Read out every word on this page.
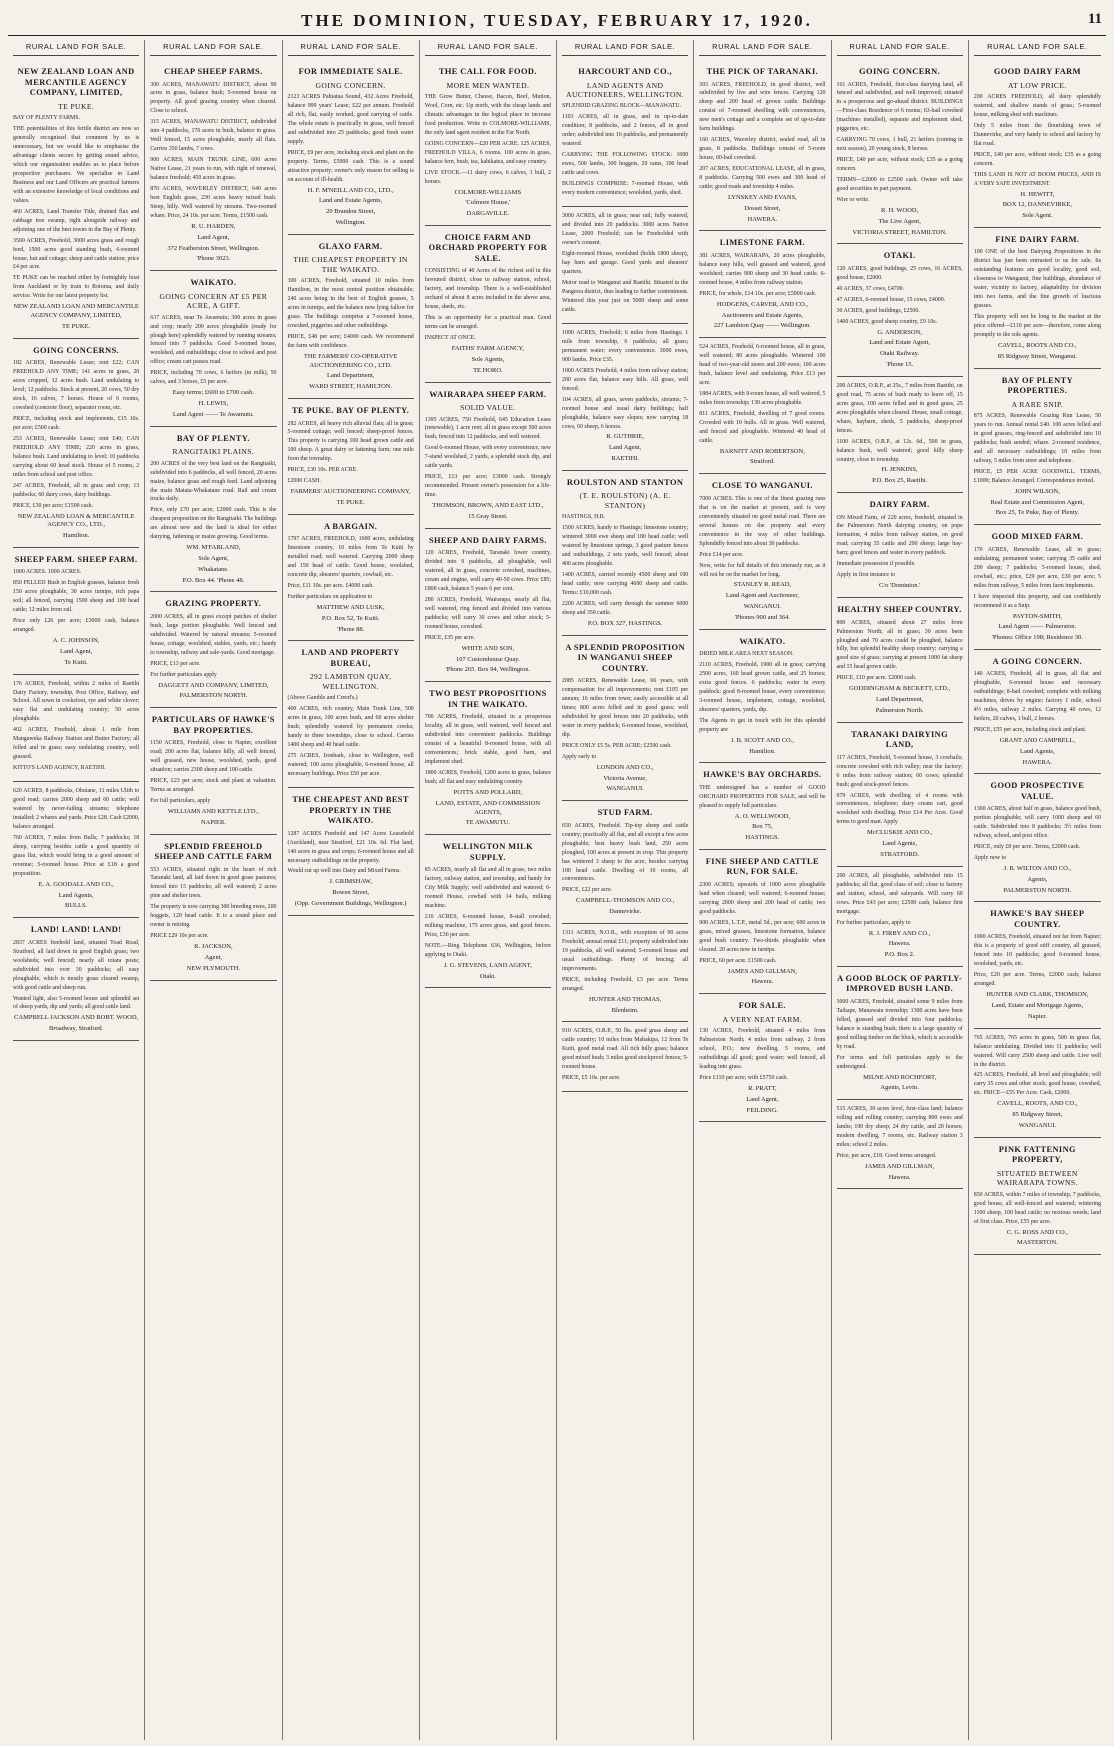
THE DOMINION, TUESDAY, FEBRUARY 17, 1920.	11
RURAL LAND FOR SALE.
NEW ZEALAND LOAN AND MERCANTILE AGENCY COMPANY, LIMITED,
TE PUKE.

BAY OF PLENTY FARMS.

THE potentialities of this fertile district are now so generally recognised that comment by us is unnecessary, but we would like to emphasise the advantage clients secure by getting sound advice, which our organisation enables us to place before prospective purchasers. We specialise in Land Business and our Land Officers are practical farmers with an extensive knowledge of local conditions and values.

460 ACRES, Land Transfer Title, drained flax and cabbage tree swamp, right alongside railway and adjoining one of the best towns in the Bay of Plenty.

3500 ACRES, Freehold, 3000 acres grass and rough feed, 1500 acres good standing bush, 6-roomed house, hut and cottage; sheep and cattle station; price £4 per acre.

TE PUKE can be reached either by fortnightly boat from Auckland or by train to Rotorua, and daily service. Write for our latest property list.

NEW ZEALAND LOAN AND MERCANTILE AGENCY COMPANY, LIMITED,
TE PUKE.
GOING CONCERNS.

182 ACRES, Renewable Lease; rent £22; CAN FREEHOLD ANY TIME; 141 acres in grass, 20 acres cropped, 12 acres bush. Land undulating to level; 12 paddocks. Stock at present, 20 cows, 50 dry stock, 16 calves, 7 horses. House of 6 rooms, cowshed (concrete floor), separator room, etc.

PRICE, including stock and implements, £15 10s. per acre; £500 cash.

253 ACRES, Renewable Lease; rent £40; CAN FREEHOLD ANY TIME; 220 acres in grass, balance bush. Land undulating to level; 10 paddocks carrying about 60 head stock. House of 5 rooms, 2 miles from school and post office.

247 ACRES, Freehold, all in grass and crop; 13 paddocks; 60 dairy cows, dairy buildings.

PRICE, £30 per acre; £1500 cash.

NEW ZEALAND LOAN & MERCANTILE AGENCY CO., LTD.,
Hamilton.
SHEEP FARM. SHEEP FARM.

1000 ACRES. 1000 ACRES.

850 FELLED Bush in English grasses, balance fresh 150 acres ploughable, 30 acres turnips, rich papa soil; all fenced, carrying 1500 sheep and 100 head cattle; 12 miles from rail.

Price only £26 per acre; £3000 cash, balance arranged.

A. C. JOHNSON,
Land Agent,
Te Kuiti.

176 ACRES, Freehold, within 2 miles of Raetihi Dairy Factory, township, Post Office, Railway, and School. All sown in cocksfoot, rye and white clover; easy flat and undulating country; 50 acres ploughable.

402 ACRES, Freehold, about 1 mile from Mangaweka Railway Station and Butter Factory; all felled and in grass; easy undulating country, well grassed.

KITTO'S LAND AGENCY, RAETIHI.

620 ACRES, 8 paddocks, Ohutane, 11 miles Ulith to good road; carries 2000 sheep and 60 cattle; well watered by never-failing streams; telephone installed; 2 whares and yards. Price £28. Cash £2000, balance arranged.

760 ACRES, 7 miles from Bulls; 7 paddocks; 18 sheep, carrying besides cattle a good quantity of grass flat, which would bring in a good amount of revenue; 5-roomed house. Price at £18 a good proposition.

E. A. GOODALL AND CO.,
Land Agents,
BULLS.
LAND! LAND! LAND!

2837 ACRES freehold land, situated Toad Road, Stratford, all laid down in good English grass; two woolsheds; well fenced; nearly all totara posts; subdivided into over 30 paddocks; all easy ploughable, which is mostly grass cleared swamp, with good cattle and sheep run.

Wanted light, also 5-roomed house and splendid set of sheep yards, dip and yards; all good cattle land.

CAMPBELL JACKSON AND ROBT. WOOD,
Broadway, Stratford.
RURAL LAND FOR SALE.
CHEAP SHEEP FARMS.

300 ACRES, MANAWATU DISTRICT, about 90 acres in grass, balance bush; 5-roomed house on property. All good grazing country when cleared. Close to school.

315 ACRES, MANAWATU DISTRICT, subdivided into 4 paddocks, 170 acres in bush, balance in grass. Well fenced, 15 acres ploughable, nearly all flats. Carries 350 lambs, 7 cows.

900 ACRES, MAIN TRUNK LINE, 600 acres Native Lease, 21 years to run, with right of renewal, balance freehold; 450 acres in grass.

870 ACRES, WAVERLEY DISTRICT, 640 acres best English grass, 230 acres heavy mixed bush. Steep, hilly. Well watered by streams. Two-roomed whare. Price, 24 10s. per acre. Terms, £1500 cash.

R. U. HARDEN,
Land Agent,
372 Featherston Street, Wellington.
'Phone 3023.
WAIKATO.
GOING CONCERN AT £5 PER ACRE, A GIFT.

637 ACRES, near Te Awamutu; 300 acres in grass and crop; nearly 200 acres ploughable (ready for plough here) splendidly watered by running streams; fenced into 7 paddocks. Good 5-roomed house, woolshed, and outbuildings; close to school and post office; cream cart passes road.

PRICE, including 70 cows, 6 heifers (in milk), 50 calves, and 3 horses, £5 per acre.

Easy terms; £600 to £700 cash.
H. LEWIS,
Land Agent —— Te Awamutu.
BAY OF PLENTY.
RANGITAIKI PLAINS.

200 ACRES of the very best land on the Rangitaiki, subdivided into 6 paddocks, all well fenced, 20 acres maize, balance grass and rough feed. Land adjoining the main Matata-Whakatane road. Rail and cream trucks daily.

Price, only £70 per acre; £2000 cash. This is the cheapest proposition on the Rangitaiki. The buildings are almost new and the land is ideal for either dairying, fattening or maize growing. Good terms.

WM. M'FARLAND,
Sole Agent,
Whakatane.
P.O. Box 44. 'Phone 48.
GRAZING PROPERTY.

2000 ACRES, all in grass except patches of shelter bush, large portion ploughable. Well fenced and subdivided. Watered by natural streams; 5-roomed house, cottage, woolshed, stables, yards, etc.; handy to township, railway and sale-yards. Good mortgage.

PRICE, £13 per acre.

For further particulars apply

DAGGETT AND COMPANY, LIMITED,
PALMERSTON NORTH.
PARTICULARS OF HAWKE'S BAY PROPERTIES.

1150 ACRES, Freehold, close to Napier, excellent road; 200 acres flat, balance hilly, all well fenced, well grassed, new house, woolshed, yards, good situation; carries 2300 sheep and 100 cattle.

PRICE, £23 per acre; stock and plant at valuation. Terms as arranged.

For full particulars, apply

WILLIAMS AND KETTLE LTD.,
NAPIER.
SPLENDID FREEHOLD SHEEP AND CATTLE FARM

553 ACRES, situated right in the heart of rich Taranaki land, all laid down in good grass pastures; fenced into 15 paddocks; all well watered; 2 acres pine and shelter trees.

The property is now carrying 300 breeding ewes, 200 hoggets, 120 head cattle. It is a sound place and owner is retiring.

PRICE £29 10s per acre.

R. JACKSON,
Agent,
NEW PLYMOUTH.
RURAL LAND FOR SALE.
FOR IMMEDIATE SALE.
GOING CONCERN.

2123 ACRES Pahiatua Sound, 432 Acres Freehold, balance 999 years' Lease; £22 per annum. Freehold all rich, flat, easily worked, good carrying of cattle. The whole estate is practically in grass, well fenced and subdivided into 25 paddocks; good fresh water supply.

PRICE, £9 per acre, including stock and plant on the property. Terms, £5000 cash. This is a sound attractive property; owner's only reason for selling is on account of ill-health.

H. F. M'NEILL AND CO., LTD.,
Land and Estate Agents,
20 Brandon Street,
Wellington.
GLAXO FARM.
THE CHEAPEST PROPERTY IN THE WAIKATO.

300 ACRES, Freehold, situated 10 miles from Hamilton, in the most central position obtainable; 240 acres being in the best of English grasses, 5 acres in turnips, and the balance now lying fallow for grass. The buildings comprise a 7-roomed house, cowshed, piggeries and other outbuildings.

PRICE, £48 per acre; £4000 cash. We recommend the farm with confidence.

THE FARMERS' CO-OPERATIVE AUCTIONEERING CO., LTD.
Land Department,
WARD STREET, HAMILTON.
TE PUKE. BAY OF PLENTY.

282 ACRES, all heavy rich alluvial flats; all in grass; 5-roomed cottage; well fenced; sheep-proof fences. This property is carrying 100 head grown cattle and 100 sheep. A great dairy or fattening farm; one mile from the township.

PRICE, £30 10s. PER ACRE.

£2000 CASH.

FARMERS' AUCTIONEERING COMPANY,
TE PUKE.
A BARGAIN.

1797 ACRES, FREEHOLD, 1600 acres, undulating limestone country, 10 miles from Te Kuiti by metalled road; well watered. Carrying 2000 sheep and 150 head of cattle. Good house, woolshed, concrete dip, shearers' quarters, cowbail, etc.

Price, £11 10s. per acre. £4000 cash.

Further particulars on application to

MATTHEW AND LUSK,
P.O. Box 52, Te Kuiti.
'Phone 88.
LAND AND PROPERTY BUREAU,
292 LAMBTON QUAY, WELLINGTON.

(Above Gamble and Creed's.)

400 ACRES, rich country, Main Trunk Line, 500 acres in grass, 100 acres bush, and 60 acres shelter bush; splendidly watered by permanent creeks; handy to three townships, close to school. Carries 1400 sheep and 40 head cattle.

275 ACRES, Ironbark, close to Wellington, well watered; 100 acres ploughable, 6-roomed house, all necessary buildings. Price £50 per acre.

THE CHEAPEST AND BEST PROPERTY IN THE WAIKATO.

1287 ACRES Freehold and 147 Acres Leasehold (Auckland), near Stratford, £21 10s. 6d. Flat land, 140 acres in grass and crops; 6-roomed house and all necessary outbuildings on the property.

Would cut up well into Dairy and Mixed Farms.

J. GRIMSHAW,
Bowen Street,
(Opp. Government Buildings, Wellington.)
RURAL LAND FOR SALE.
THE CALL FOR FOOD.
MORE MEN WANTED.

THE Grow Butter, Cheese, Bacon, Beef, Mutton, Wool, Corn, etc. Up north, with the cheap lands and climatic advantages in the logical place to increase food production. Write to COLMORE-WILLIAMS, the only land agent resident in the Far North.

GOING CONCERN—£20 PER ACRE. 125 ACRES, FREEHOLD VILLA, 6 rooms. 100 acres in grass, balance fern, bush, tea, kahikatea, and easy country.

LIVE STOCK.—11 dairy cows, 6 calves, 1 bull, 2 horses.

COLMORE-WILLIAMS
'Colmore House,'
DARGAVILLE.
CHOICE FARM AND ORCHARD PROPERTY FOR SALE.

CONSISTING of 40 Acres of the richest soil in this favoured district, close to railway station, school, factory, and township. There is a well-established orchard of about 8 acres included in the above area, house, sheds, etc.

This is an opportunity for a practical man. Good terms can be arranged.

INSPECT AT ONCE.

FAITHS' FARM AGENCY,
Sole Agents,
TE HORO.
WAIRARAPA SHEEP FARM.
SOLID VALUE.

1395 ACRES, 750 Freehold, 645 Education Lease (renewable), 1 acre rent; all in grass except 500 acres bush, fenced into 12 paddocks, and well watered.

Good 6-roomed House, with every convenience, new 7-stand woolshed, 2 yards, a splendid stock dip, and cattle yards.

PRICE, £13 per acre; £3000 cash. Strongly recommended. Present owner's possession for a life-time.

THOMSON, BROWN, AND EAST LTD.,
15 Gray Street.
SHEEP AND DAIRY FARMS.

120 ACRES, Freehold, Taranaki lower country, divided into 9 paddocks, all ploughable, well watered, all in grass, concrete cowshed, machines, cream and engine, well carry 40-50 cows. Price £85; £800 cash, balance 5 years 6 per cent.

280 ACRES, Freehold, Wairarapa, nearly all flat, well watered, ring fenced and divided into various paddocks; will carry 30 cows and other stock; 5-roomed house, cowshed.

PRICE, £35 per acre.

WHITE AND SON,
107 Customhouse Quay.
'Phone 265. Box 94, Wellington.
TWO BEST PROPOSITIONS IN THE WAIKATO.

700 ACRES, Freehold, situated in a prosperous locality, all in grass, well watered, well fenced and subdivided into convenient paddocks. Buildings consist of a beautiful 8-roomed house, with all conveniences; brick stable, good barn, and implement shed.

1800 ACRES, Freehold, 1200 acres in grass, balance bush; all flat and easy undulating country.

POTTS AND POLLARD,
LAND, ESTATE, AND COMMISSION AGENTS,
TE AWAMUTU.
WELLINGTON MILK SUPPLY.

85 ACRES, nearly all flat and all in grass, two miles factory, railway station, and township, and handy for City Milk Supply; well subdivided and watered; 6-roomed House, cowbail with 14 bails, milking machine.

210 ACRES, 6-roomed house, 8-stall cowshed; milking machine, 175 acres grass, and good fences. Price, £36 per acre.

NOTE.—Ring Telephone 636, Wellington, before applying to Otaki.

J. G. STEVENS, LAND AGENT,
Otaki.
RURAL LAND FOR SALE.
HARCOURT AND CO.,
LAND AGENTS AND AUCTIONEERS, WELLINGTON.

SPLENDID GRAZING BLOCK—MANAWATU.

1103 ACRES, all in grass, and in up-to-date condition; 8 paddocks, and 2 fences, all in good order; subdivided into 16 paddocks, and permanently watered.

CARRYING THE FOLLOWING STOCK: 1000 ewes, 500 lambs, 300 hoggets, 20 rams, 100 head cattle and cows.

BUILDINGS COMPRISE: 7-roomed House, with every modern convenience; woolshed, yards, shed.

3000 ACRES, all in grass; near rail; fully watered, and divided into 20 paddocks. 3000 acres Native Lease, 2000 Freehold; can be Freeholded with owner's consent.

Eight-roomed House, woolshed (holds 1800 sheep), hay barn and garage. Good yards and shearers' quarters.

Motor road to Wanganui and Raetihi. Situated in the Pangiora district, thus leading to further contentment. Wintered this year just on 5000 sheep and some cattle.

1090 ACRES, Freehold; 6 miles from Hastings; 1 mile from township, 6 paddocks; all grass; permanent water; every convenience. 3000 ewes, 900 lambs. Price £35.

1000 ACRES Freehold, 4 miles from railway station; 200 acres flat, balance easy hills. All grass, well fenced.

104 ACRES, all grass, seven paddocks, streams; 7-roomed house and usual dairy buildings; half ploughable, balance easy slopes; now carrying 18 cows, 60 sheep, 6 horses.

R. GUTHRIE,
Land Agent,
RAETIHI.
ROULSTON AND STANTON
(T. E. ROULSTON) (A. E. STANTON)

HASTINGS, H.B.

1500 ACRES, handy to Hastings; limestone country; wintered 3000 ewe sheep and 180 head cattle; well watered by limestone springs, 3 good pasture fences and outbuildings, 2 sets yards, well fenced; about 400 acres ploughable.

1400 ACRES, carried recently 4500 sheep and 100 head cattle; now carrying 4600 sheep and cattle. Terms: £10,000 cash.

2200 ACRES, will carry through the summer 6000 sheep and 350 cattle.

P.O. BOX 327, HASTINGS.
A SPLENDID PROPOSITION IN WANGANUI SHEEP COUNTRY.

2085 ACRES, Renewable Lease, 66 years, with compensation for all improvements; rent £105 per annum; 16 miles from town; easily accessible at all times; 800 acres felled and in good grass; well subdivided by good fences into 20 paddocks, with water in every paddock; 6-roomed house, woolshed, dip.

PRICE ONLY £5 5s. PER ACRE; £2500 cash.

Apply early to

LONDON AND CO.,
Victoria Avenue,
WANGANUI.
STUD FARM.

650 ACRES, Freehold. Tip-top sheep and cattle country; practically all flat, and all except a few acres ploughable; best heavy bush land, 250 acres ploughed, 100 acres at present in crop. This property has wintered 3 sheep to the acre, besides carrying 100 head cattle. Dwelling of 10 rooms, all conveniences.

PRICE, £22 per acre.

CAMPBELL-THOMSON AND CO.,
Dannevirke.

1311 ACRES, N.O.R., with exception of 90 acres Freehold; annual rental £11; property subdivided into 19 paddocks, all well watered; 5-roomed house and usual outbuildings. Plenty of fencing; all improvements.

PRICE, including Freehold, £3 per acre. Terms arranged.

HUNTER AND THOMAS,
Blenheim.

910 ACRES, O.R.P., 50 lbs. good grass sheep and cattle country; 10 miles from Mahakipa, 12 from Te Kuiti, good metal road. All rich hilly grass; balance good mixed bush; 3 miles good stockproof fences; 5-roomed house.

PRICE, £5 10s. per acre.

RURAL LAND FOR SALE.
THE PICK OF TARANAKI.

393 ACRES, FREEHOLD, in good district, well subdivided by live and wire fences. Carrying 120 sheep and 200 head of grown cattle. Buildings consist of 7-roomed dwelling with conveniences, new men's cottage and a complete set of up-to-date farm buildings.

160 ACRES, Waverley district, sealed road, all in grass, 8 paddocks. Buildings consist of 5-room house, 60-bail cowshed.

207 ACRES, EDUCATIONAL LEASE, all in grass, 8 paddocks. Carrying 500 ewes and 300 head of cattle; good roads and township 4 miles.

LYNSKEY AND EVANS,
Dosset Street,
HAWERA.
LIMESTONE FARM.

381 ACRES, WAIRARAPA, 20 acres ploughable, balance easy hills, well grassed and watered, good woolshed; carries 900 sheep and 30 head cattle. 6-roomed house, 4 miles from railway station.

PRICE, for whole, £14 10s. per acre; £5000 cash.

HODGENS, CARVER, AND CO.,
Auctioneers and Estate Agents,
227 Lambton Quay —— Wellington.

524 ACRES, Freehold, 6-roomed house, all in grass, well watered; 80 acres ploughable. Wintered 100 head of two-year-old steers and 200 ewes; 100 acres bush, balance level and undulating. Price £13 per acre.

1884 ACRES, with 9-room house, all well watered, 5 miles from township; 130 acres ploughable.

811 ACRES, Freehold, dwelling of 7 good rooms. Crowded with 10 bulls. All in grass. Well watered, and fenced and ploughable. Wintered 40 head of cattle.

BARNITT AND ROBERTSON,
Stratford.
CLOSE TO WANGANUI.

7000 ACRES. This is one of the finest grazing runs that is on the market at present, and is very conveniently situated on good metal road. There are several houses on the property and every convenience in the way of other buildings. Splendidly fenced into about 30 paddocks.

Price £14 per acre.

Now, write for full details of this intensely run, as it will not be on the market for long.

STANLEY R. READ,
Land Agent and Auctioneer,
WANGANUI.
'Phones 900 and 364.
WAIKATO.

DRIED MILK AREA NEXT SEASON.

2110 ACRES, Freehold, 1900 all in grass; carrying 2500 acres, 160 head grown cattle, and 25 horses; extra good fences. 6 paddocks; water in every paddock; good 8-roomed house, every convenience; 3-roomed house, implement, cottage, woolshed, shearers' quarters, yards, dip.

The Agents to get in touch with for this splendid property are

J. B. SCOTT AND CO.,
Hamilton.
HAWKE'S BAY ORCHARDS.

THE undersigned has a number of GOOD ORCHARD PROPERTIES FOR SALE, and will be pleased to supply full particulars.

A. O. WELLWOOD,
Box 75,
HASTINGS.
FINE SHEEP AND CATTLE RUN, FOR SALE.

2300 ACRES; upwards of 1000 acres ploughable land when cleared; well watered; 6-roomed house; carrying 2000 sheep and 200 head of cattle; two good paddocks.

900 ACRES, L.T.P., metal 5d., per acre; 600 acres in grass, mixed grasses, limestone formation, balance good bush country. Two-thirds ploughable when cleared. 20 acres now in turnips.

PRICE, 60 per acre. £1500 cash.

JAMES AND GILLMAN,
Hawera.
FOR SALE.
A VERY NEAT FARM.

130 ACRES, Freehold, situated 4 miles from Palmerston North; 4 miles from railway, 2 from school, P.O.; new dwelling, 5 rooms, and outbuildings all good; good water; well fenced, all leading into grass.

Price £110 per acre; with £5750 cash.

R. PRATT,
Land Agent,
FEILDING.
RURAL LAND FOR SALE.
GOING CONCERN.

161 ACRES, Freehold, first-class dairying land, all fenced and subdivided, and well improved; situated in a prosperous and go-ahead district. BUILDINGS—First-class Residence of 6 rooms; 63-bail cowshed (machines installed), separate and implement shed, piggeries, etc.

CARRYING 70 cows, 1 bull, 21 heifers (coming in next season), 20 young stock, 8 horses.

PRICE, £40 per acre, without stock; £35 as a going concern.

TERMS—£2000 to £2500 cash. Owner will take good securities in part payment.

Wire or write.

R. H. WOOD,
The Live Agent,
VICTORIA STREET, HAMILTON.
OTAKI.

120 ACRES, good buildings, 25 cows, 16 ACRES, good house, £2000.

40 ACRES, 37 cows, £4700.

47 ACRES, 6-roomed house, 15 cows, £4000.

30 ACRES, good buildings, £2500.

1400 ACRES, good sheep country, £9 10s.

G. ANDERSON,
Land and Estate Agent,
Otaki Railway.
'Phone 15.

200 ACRES, O.R.P., at 25s., 7 miles from Raetihi, on good road, 75 acres of bush ready to leave off, 15 acres grass, 100 acres felled and in good grass, 25 acres ploughable when cleared. House, small cottage, whare, haybarn, sheds, 5 paddocks, sheep-proof fences.

1100 ACRES, O.R.P., at 12s. 6d., 500 in grass, balance bush, well watered; good hilly sheep country, close to township.

H. JENKINS,
P.O. Box 25, Raetihi.
DAIRY FARM.

ON Mixed Farm, of 220 acres, freehold, situated in the Palmerston North dairying country, on pope formation, 4 miles from railway station, on good road; carrying 35 cattle and 200 sheep; large hay-barn; good fences and water in every paddock.

Immediate possession if possible.

Apply in first instance to

C/o 'Dominion.'
HEALTHY SHEEP COUNTRY.

800 ACRES, situated about 27 miles from Palmerston North; all in grass; 30 acres been ploughed and 70 acres could be ploughed, balance hilly, but splendid healthy sheep country; carrying a good size of grass; carrying at present 1000 fat sheep and 15 head grown cattle.

PRICE, £10 per acre. £2000 cash.

GODDINGHAM & BECKETT, LTD.,
Land Department,
Palmerston North.
TARANAKI DAIRYING LAND,

117 ACRES, Freehold, 5-roomed house, 3 cowbails; concrete cowshed with rich valley; near the factory; 6 miles from railway station; 60 cows; splendid bush; good stock-proof fences.

979 ACRES, with dwelling of 4 rooms with conveniences, telephone; dairy cream cart, good woolshed with dwelling. Price £14 Per Acre. Good terms to good man. Apply

McCLUSKIE AND CO.,
Land Agents,
STRATFORD.

200 ACRES, all ploughable, subdivided into 15 paddocks; all flat, good class of soil; close to factory and station, school, and saleyards. Will carry 60 cows. Price £43 per acre; £2500 cash, balance first mortgage.

For further particulars, apply to

R. J. FIRBY AND CO.,
Hawera.
P.O. Box 2.
A GOOD BLOCK OF PARTLY-IMPROVED BUSH LAND.

3000 ACRES, Freehold, situated some 9 miles from Taihape, Manawatu township; 1300 acres have been felled, grassed and divided into four paddocks; balance is standing bush; there is a large quantity of good milling timber on the block, which is accessible by road.

For terms and full particulars apply to the undersigned.

MILNE AND ROCHFORT,
Agents, Levin.

515 ACRES, 30 acres level, first-class land; balance rolling and rolling country; carrying 800 ewes and lambs; 190 dry sheep; 24 dry cattle, and 20 horses; modern dwelling, 7 rooms, etc. Railway station 3 miles; school 2 miles.

Price, per acre, £18. Good terms arranged.

JAMES AND GILLMAN,
Hawera.
RURAL LAND FOR SALE.
GOOD DAIRY FARM
AT LOW PRICE.

200 ACRES FREEHOLD, all dairy splendidly watered, and shallow stands of grass; 5-roomed house, milking shed with machines.

Only 5 miles from the flourishing town of Dannevirke, and very handy to school and factory by flat road.

PRICE, £40 per acre, without stock; £35 as a going concern.

THIS LAND IS NOT AT BOOM PRICES, AND IS A VERY SAFE INVESTMENT.

H. HEWITT,
BOX 12, DANNEVIRKE,
Sole Agent.
FINE DAIRY FARM.

100 ONE of the best Dairying Propositions in the district has just been entrusted to us for sale. Its outstanding features are good locality, good soil, closeness to Wanganui, fine buildings, abundance of water, vicinity to factory, adaptability for division into two farms, and the fine growth of luscious grasses.

This property will not be long in the market at the price offered—£110 per acre—therefore, come along promptly to the sole agents.

CAVELL, ROOTS AND CO.,
85 Ridgway Street, Wanganui.
BAY OF PLENTY PROPERTIES.
A RARE SNIP.

875 ACRES, Renewable Grazing Run Lease, 50 years to run. Annual rental £40. 100 acres felled and in good grasses, ring-fenced and subdivided into 10 paddocks; bush seeded; whare. 2-roomed residence, and all necessary outbuildings; 10 miles from railway, 5 miles from store and telephone.

PRICE, £5 PER ACRE GOODWILL. TERMS, £1000; Balance Arranged. Correspondence invited.

JOHN WILSON,
Real Estate and Commission Agent,
Box 25, Te Puke, Bay of Plenty.
GOOD MIXED FARM.

170 ACRES, Renewable Lease, all in grass; undulating, permanent water; carrying 35 cattle and 200 sheep; 7 paddocks; 5-roomed house, shed, cowbail, etc.; price, £29 per acre, £30 per acre; 5 miles from railway, 5 miles from farm implements.

I have inspected this property, and can confidently recommend it as a Snip.

PAYTON-SMITH,
Land Agent —— Palmerston.
'Phones: Office 198; Residence 30.
A GOING CONCERN.

140 ACRES, Freehold, all in grass, all flat and ploughable, 6-roomed house and necessary outbuildings; 8-bail cowshed; complete with milking machines, drives by engine; factory 1 mile, school 4½ miles, railway 2 miles. Carrying 40 cows, 12 heifers, 20 calves, 1 bull, 2 horses.

PRICE, £55 per acre, including stock and plant.

GRANT AND CAMPBELL,
Land Agents,
HAWERA.
GOOD PROSPECTIVE VALUE.

1300 ACRES, about half in grass, balance good bush, portion ploughable; will carry 1000 sheep and 60 cattle. Subdivided into 8 paddocks; 3½ miles from railway, school, and post office.

PRICE, only £8 per acre. Terms, £2000 cash.

Apply now to

J. B. WILTON AND CO.,
Agents,
PALMERSTON NORTH.
HAWKE'S BAY SHEEP COUNTRY.

1000 ACRES, Freehold, situated not far from Napier; this is a property of good stiff country, all grassed, fenced into 10 paddocks; good 6-roomed house, woolshed, yards, etc.

Price, £20 per acre. Terms, £2000 cash; balance arranged.

HUNTER AND CLARK, THOMSON,
Land, Estate and Mortgage Agents,
Napier.

765 ACRES, 765 acres in grass, 500 in grass flat, balance undulating. Divided into 11 paddocks; well watered. Will carry 2500 sheep and cattle. Live well in the district.

425 ACRES, Freehold, all level and ploughable; will carry 35 cows and other stock; good house, cowshed, etc. PRICE—£55 Per Acre. Cash, £2000.

CAVELL, ROOTS, AND CO.,
85 Ridgway Street,
WANGANUI.
PINK FATTENING PROPERTY,
SITUATED BETWEEN WAIRARAPA TOWNS.

850 ACRES, within 7 miles of township, 7 paddocks, good house, all well-fenced and watered; wintering 1100 sheep, 100 head cattle; no noxious weeds; land of first class. Price, £55 per acre.

C. G. ROSS AND CO.,
MASTERTON.
